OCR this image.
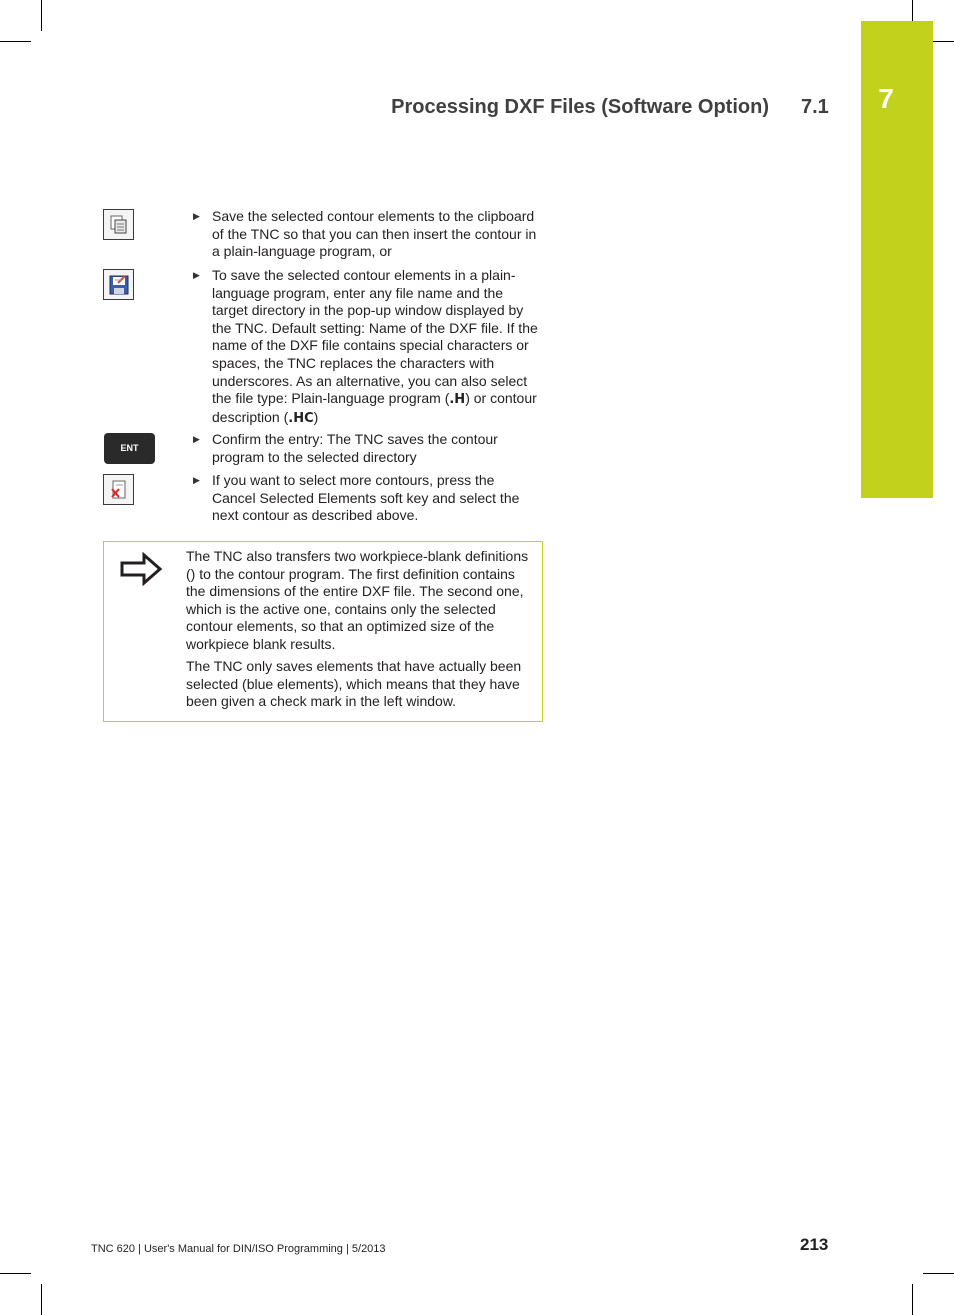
7
Processing DXF Files (Software Option) 7.1
ENT
▶ Save the selected contour elements to the clipboard of the TNC so that you can then insert the contour in a plain-language program, or
▶ To save the selected contour elements in a plain-language program, enter any file name and the target directory in the pop-up window displayed by the TNC. Default setting: Name of the DXF file. If the name of the DXF file contains special characters or spaces, the TNC replaces the characters with underscores. As an alternative, you can also select the file type: Plain-language program (.H) or contour description (.HC)
▶ Confirm the entry: The TNC saves the contour program to the selected directory
▶ If you want to select more contours, press the Cancel Selected Elements soft key and select the next contour as described above.
The TNC also transfers two workpiece-blank definitions () to the contour program. The first definition contains the dimensions of the entire DXF file. The second one, which is the active one, contains only the selected contour elements, so that an optimized size of the workpiece blank results.
The TNC only saves elements that have actually been selected (blue elements), which means that they have been given a check mark in the left window.
TNC 620 | User's Manual for DIN/ISO Programming | 5/2013	213
